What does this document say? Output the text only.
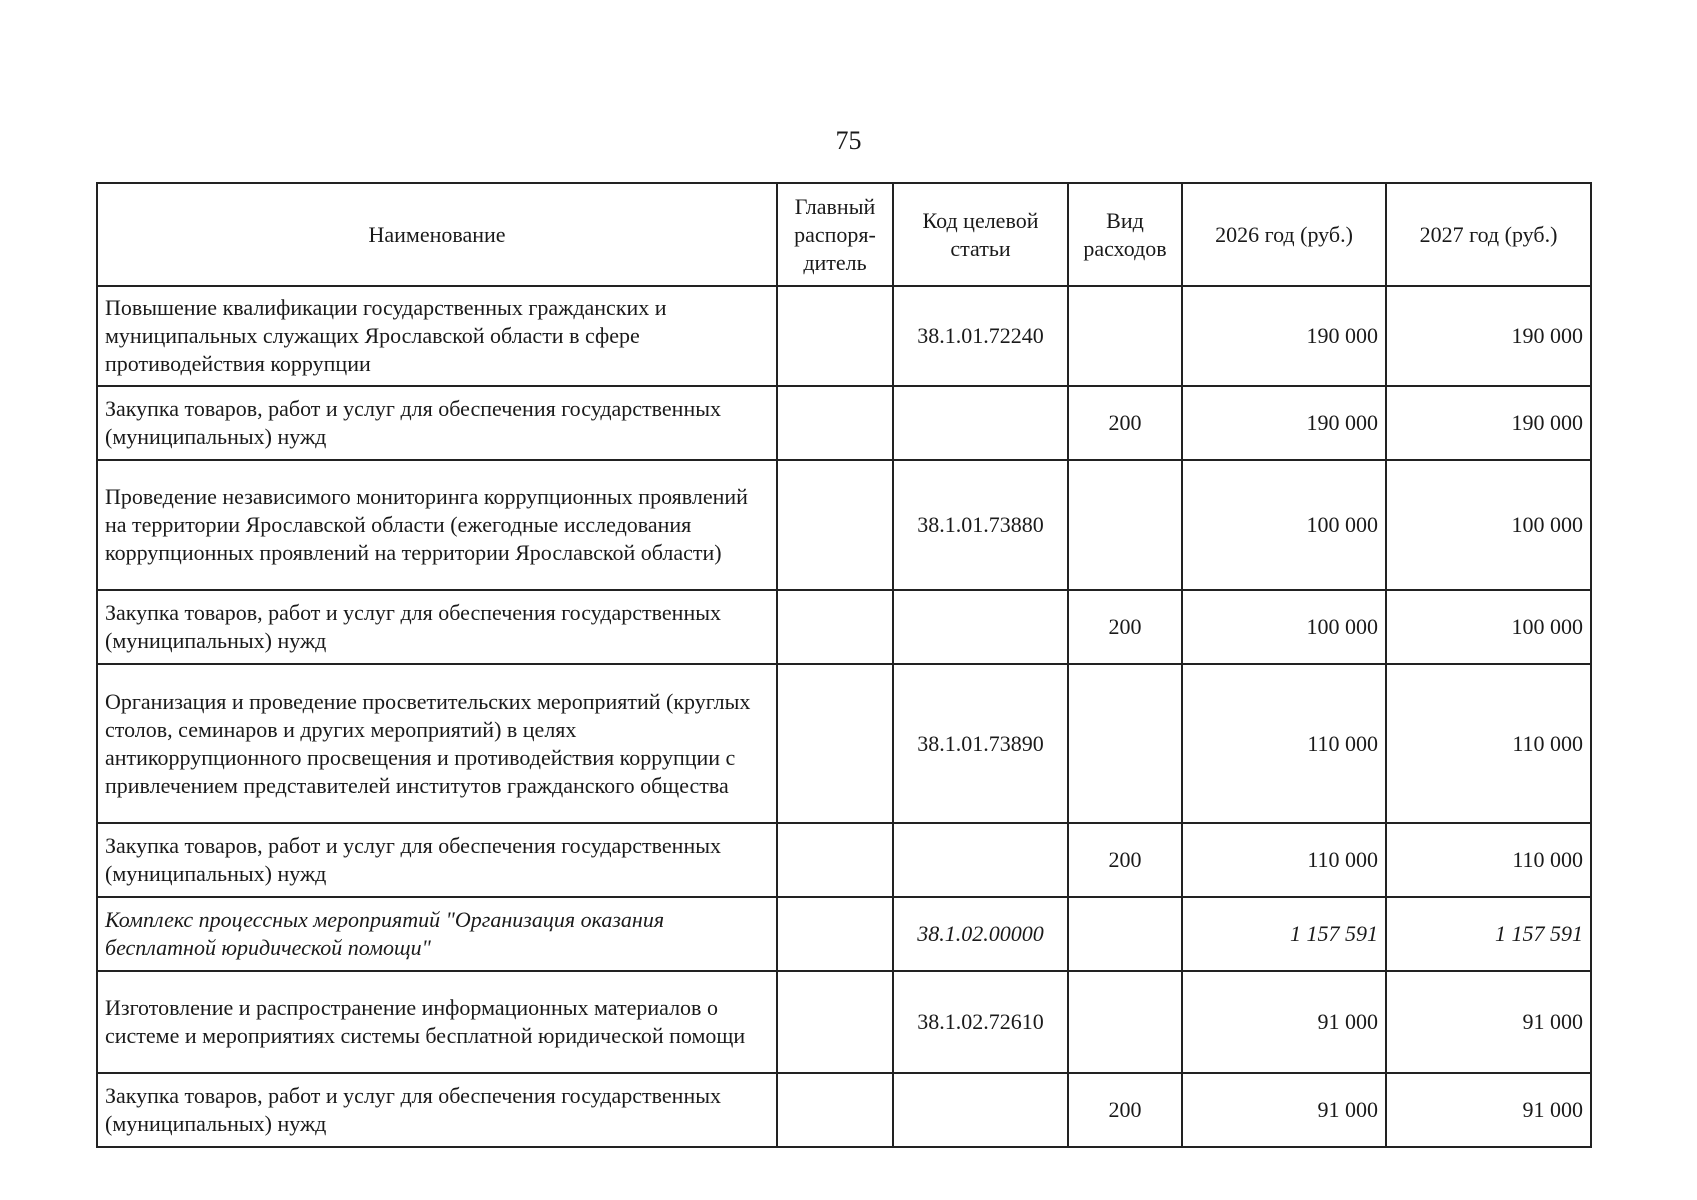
75
Наименование	Главный распоря-дитель	Код целевой статьи	Вид расходов	2026 год (руб.)	2027 год (руб.)
Повышение квалификации государственных гражданских и муниципальных служащих Ярославской области в сфере противодействия коррупции		38.1.01.72240		190 000	190 000
Закупка товаров, работ и услуг для обеспечения государственных (муниципальных) нужд			200	190 000	190 000
Проведение независимого мониторинга коррупционных проявлений на территории Ярославской области (ежегодные исследования коррупционных проявлений на территории Ярославской области)		38.1.01.73880		100 000	100 000
Закупка товаров, работ и услуг для обеспечения государственных (муниципальных) нужд			200	100 000	100 000
Организация и проведение просветительских мероприятий (круглых столов, семинаров и других мероприятий) в целях антикоррупционного просвещения и противодействия коррупции с привлечением представителей институтов гражданского общества		38.1.01.73890		110 000	110 000
Закупка товаров, работ и услуг для обеспечения государственных (муниципальных) нужд			200	110 000	110 000
Комплекс процессных мероприятий "Организация оказания бесплатной юридической помощи"		38.1.02.00000		1 157 591	1 157 591
Изготовление и распространение информационных материалов о системе и мероприятиях системы бесплатной юридической помощи		38.1.02.72610		91 000	91 000
Закупка товаров, работ и услуг для обеспечения государственных (муниципальных) нужд			200	91 000	91 000
